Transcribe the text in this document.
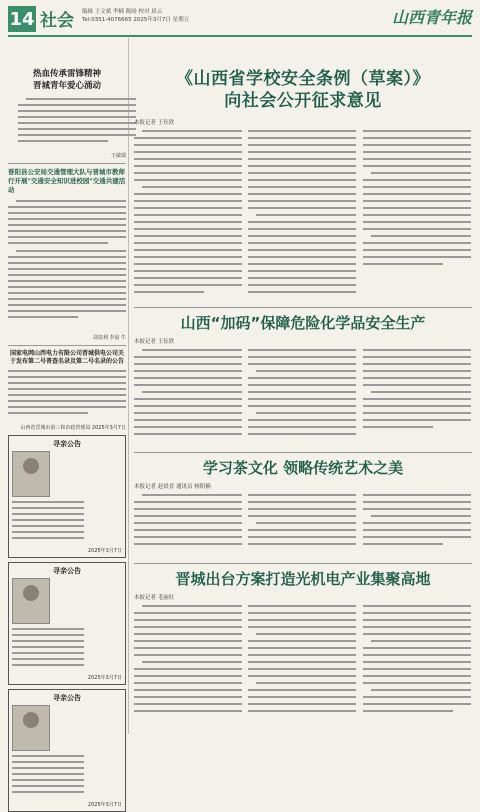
14 社会 编辑 王文斌 李楠 陈旸 校对 晨云
Tel:0351-4076665 2025年3月7日 星期五	山西青年报
热血传承雷锋精神
晋城青年爱心涌动
王敏瑞
晋阳县公安局交通管理大队与晋城市教师行开展"交通安全知识进校园"交通共建活动
刘泉利 李晨 牛
国家电网山西电力有限公司晋城供电公司关于发布第二号普查名录及第二号名录的公告
山西省晋城市第三和市政管理局 2025年3月7日
寻亲公告
2025年3月7日
寻亲公告
2025年3月7日
寻亲公告
2025年3月7日
《山西省学校安全条例（草案）》
向社会公开征求意见
本报记者 王钰欣
山西“加码”保障危险化学品安全生产
本报记者 王钰欣
学习茶文化 领略传统艺术之美
本报记者 赵晨晋 通讯员 杨阳楠
晋城出台方案打造光机电产业集聚高地
本报记者 毛丽旺
